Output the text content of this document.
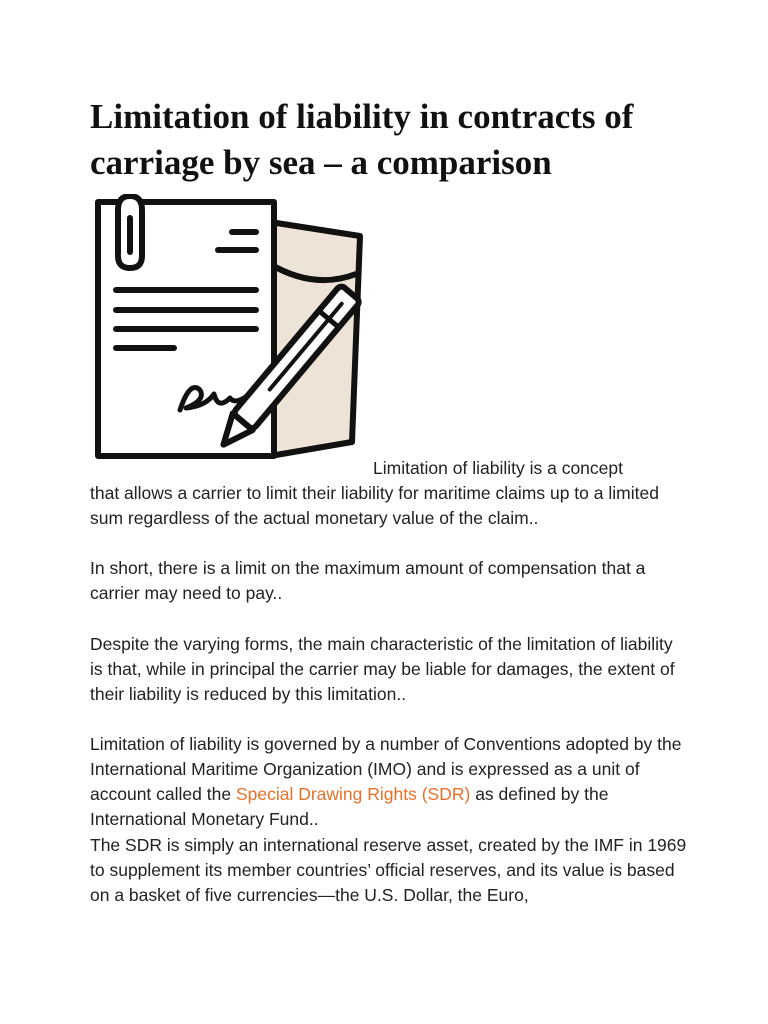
Limitation of liability in contracts of carriage by sea – a comparison

Limitation of liability is a concept

that allows a carrier to limit their liability for maritime claims up to a limited sum regardless of the actual monetary value of the claim..

In short, there is a limit on the maximum amount of compensation that a carrier may need to pay..

Despite the varying forms, the main characteristic of the limitation of liability is that, while in principal the carrier may be liable for damages, the extent of their liability is reduced by this limitation..

Limitation of liability is governed by a number of Conventions adopted by the International Maritime Organization (IMO) and is expressed as a unit of account called the Special Drawing Rights (SDR) as defined by the International Monetary Fund..

The SDR is simply an international reserve asset, created by the IMF in 1969 to supplement its member countries’ official reserves, and its value is based on a basket of five currencies—the U.S. Dollar, the Euro,
